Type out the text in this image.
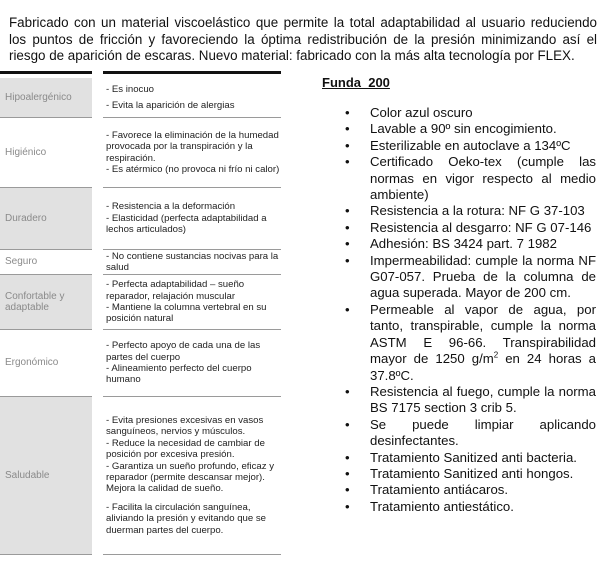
Fabricado con un material viscoelástico que permite la total adaptabilidad al usuario reduciendo los puntos de fricción y favoreciendo la óptima redistribución de la presión minimizando así el riesgo de aparición de escaras. Nuevo material: fabricado con la más alta tecnología por FLEX.

Hipoalergénico

- Es inocuo

- Evita la aparición de alergias

Higiénico

- Favorece la eliminación de la humedad provocada por la transpiración y la respiración.

- Es atérmico (no provoca ni frío ni calor)

Duradero

- Resistencia a la deformación

- Elasticidad (perfecta adaptabilidad a lechos articulados)

Seguro

- No contiene sustancias nocivas para la salud

Confortable y adaptable

- Perfecta adaptabilidad – sueño reparador, relajación muscular

- Mantiene la columna vertebral en su posición natural

Ergonómico

- Perfecto apoyo de cada una de las partes del cuerpo

- Alineamiento perfecto del cuerpo humano

Saludable

- Evita presiones excesivas en vasos sanguíneos, nervios y músculos.

- Reduce la necesidad de cambiar de posición por excesiva presión.

- Garantiza un sueño profundo, eficaz y reparador (permite descansar mejor). Mejora la calidad de sueño.

- Facilita la circulación sanguínea, aliviando la presión y evitando que se duerman partes del cuerpo.

Funda  200
• Color azul oscuro
• Lavable a 90º sin encogimiento.
• Esterilizable en autoclave a 134ºC
• Certificado Oeko-tex (cumple las normas en vigor respecto al medio ambiente)
• Resistencia a la rotura: NF G 37-103
• Resistencia al desgarro: NF G 07-146
• Adhesión: BS 3424 part. 7 1982
• Impermeabilidad: cumple la norma NF G07-057. Prueba de la columna de agua superada. Mayor de 200 cm.
• Permeable al vapor de agua, por tanto, transpirable, cumple la norma ASTM E 96-66. Transpirabilidad mayor de 1250 $g/m^2$ en 24 horas a 37.8ºC.
• Resistencia al fuego, cumple la norma BS 7175 section 3 crib 5.
• Se puede limpiar aplicando desinfectantes.
• Tratamiento Sanitized anti bacteria.
• Tratamiento Sanitized anti hongos.
• Tratamiento antiácaros.
• Tratamiento antiestático.
